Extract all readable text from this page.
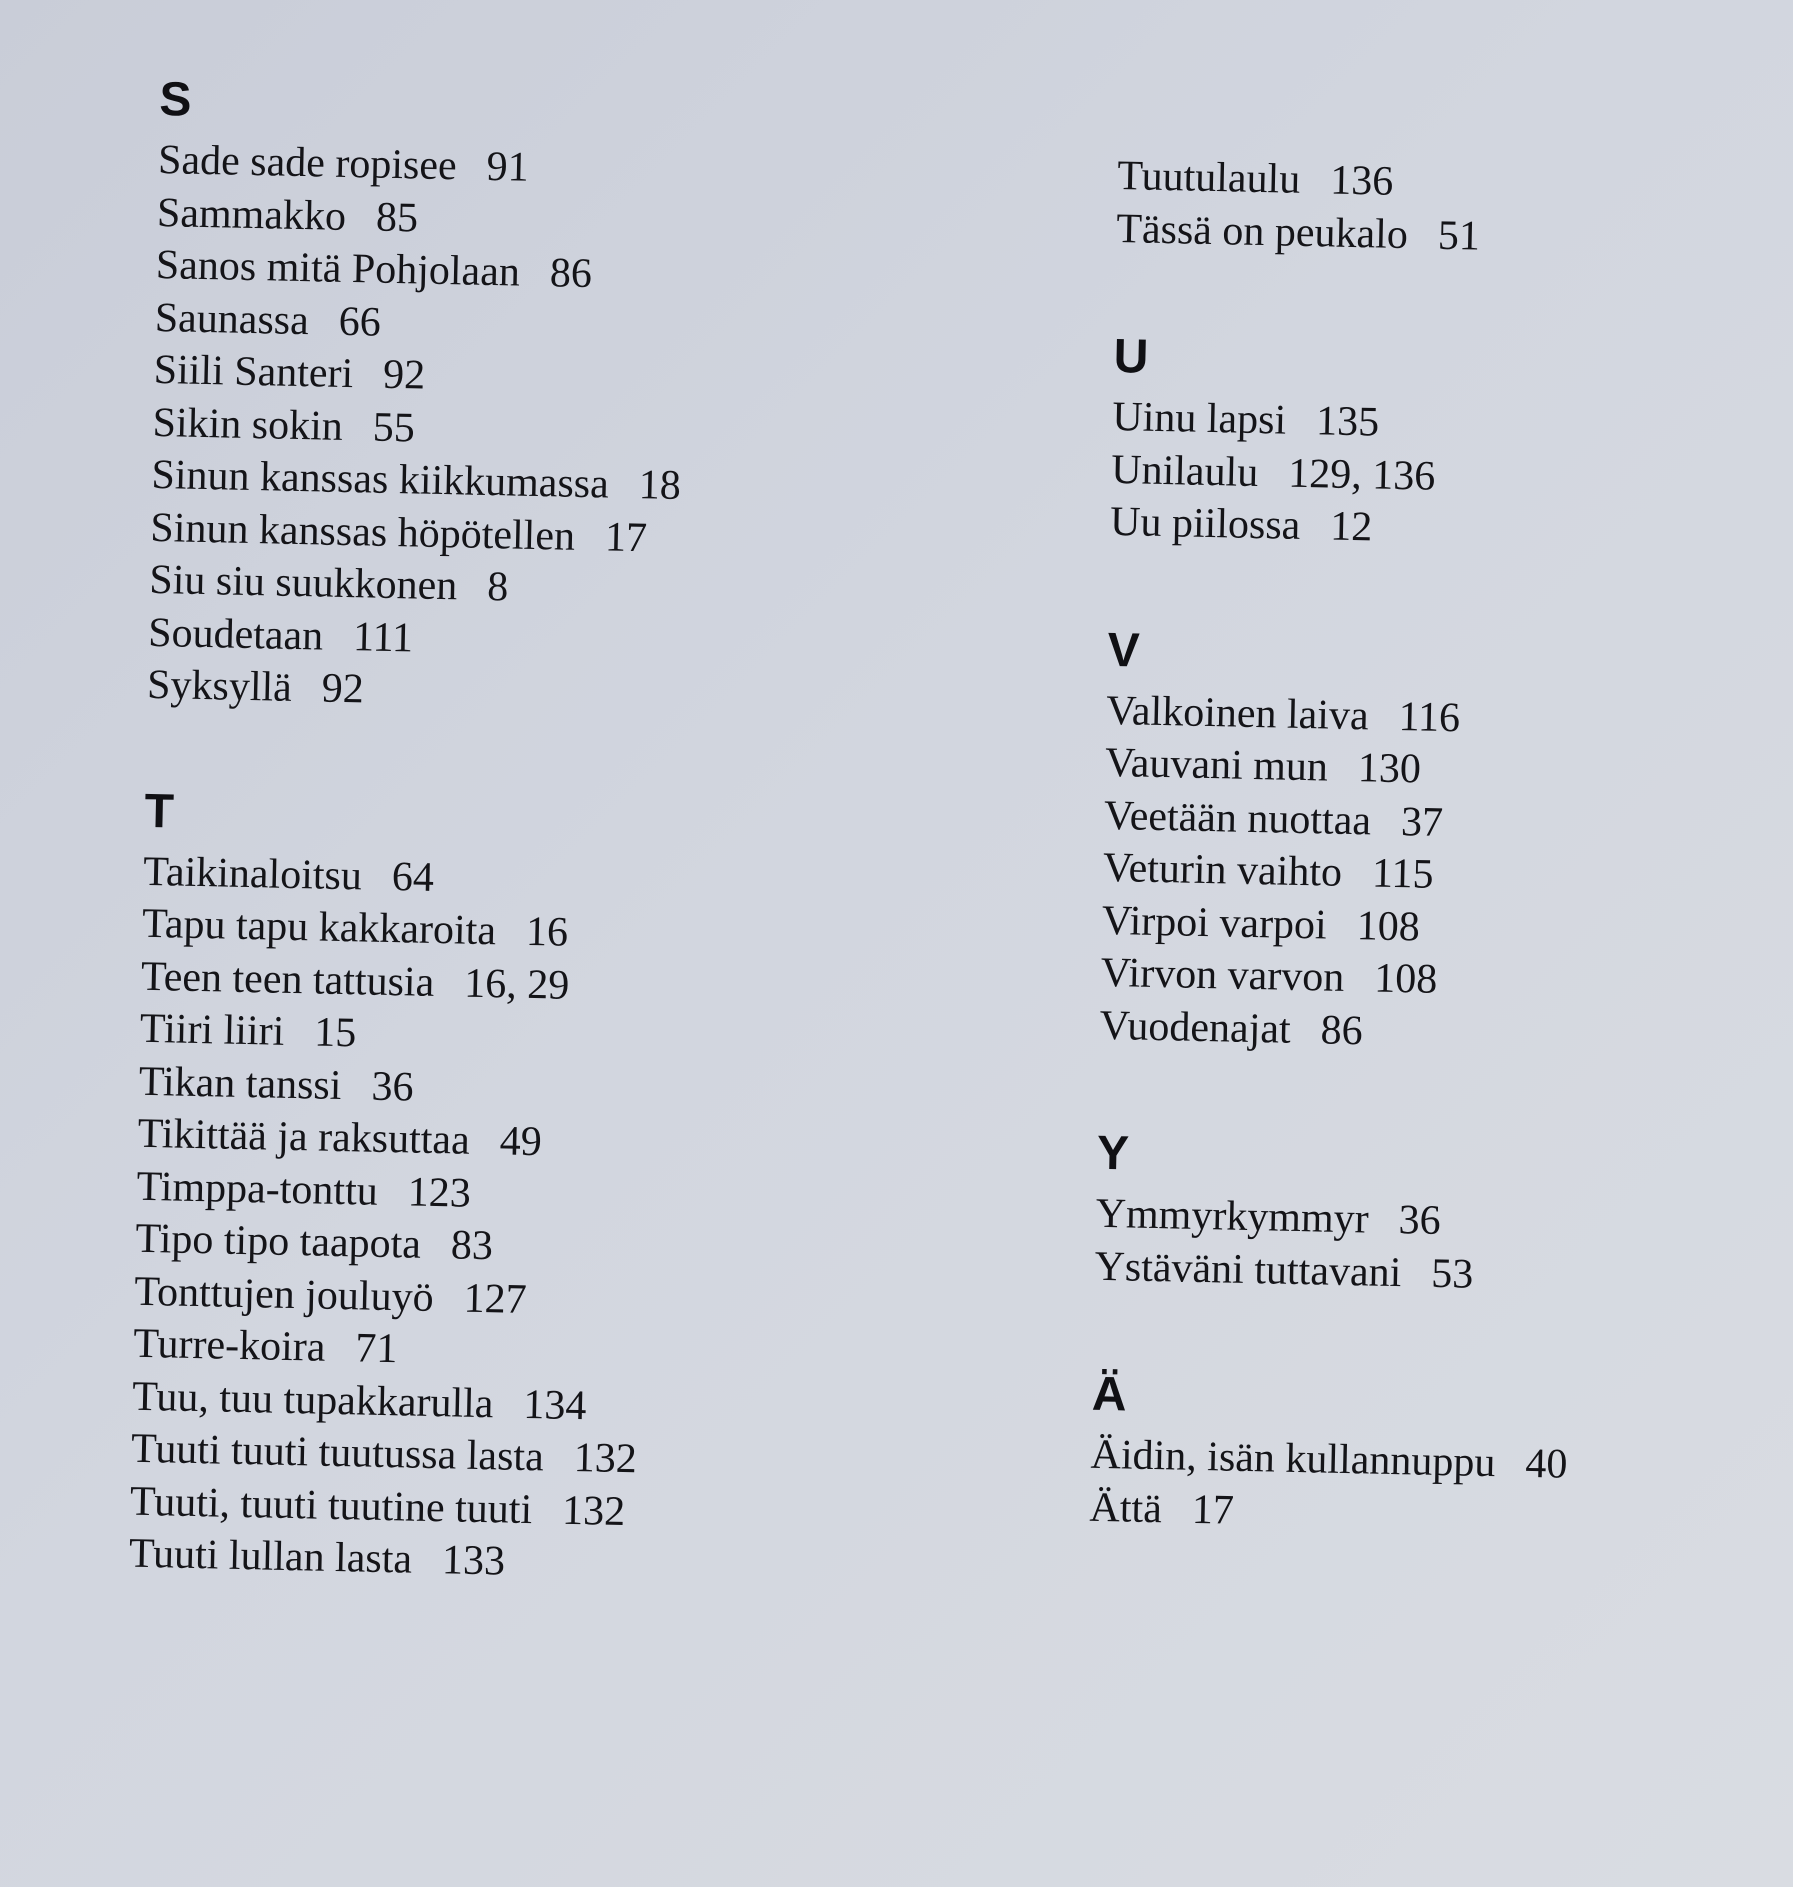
S
Sade sade ropisee 91
Sammakko 85
Sanos mitä Pohjolaan 86
Saunassa 66
Siili Santeri 92
Sikin sokin 55
Sinun kanssas kiikkumassa 18
Sinun kanssas höpötellen 17
Siu siu suukkonen 8
Soudetaan 111
Syksyllä 92
T
Taikinaloitsu 64
Tapu tapu kakkaroita 16
Teen teen tattusia 16, 29
Tiiri liiri 15
Tikan tanssi 36
Tikittää ja raksuttaa 49
Timppa-tonttu 123
Tipo tipo taapota 83
Tonttujen jouluyö 127
Turre-koira 71
Tuu, tuu tupakkarulla 134
Tuuti tuuti tuutussa lasta 132
Tuuti, tuuti tuutine tuuti 132
Tuuti lullan lasta 133
Tuutulaulu 136
Tässä on peukalo 51
U
Uinu lapsi 135
Unilaulu 129, 136
Uu piilossa 12
V
Valkoinen laiva 116
Vauvani mun 130
Veetään nuottaa 37
Veturin vaihto 115
Virpoi varpoi 108
Virvon varvon 108
Vuodenajat 86
Y
Ymmyrkymmyr 36
Ystäväni tuttavani 53
Ä
Äidin, isän kullannuppu 40
Ättä 17
